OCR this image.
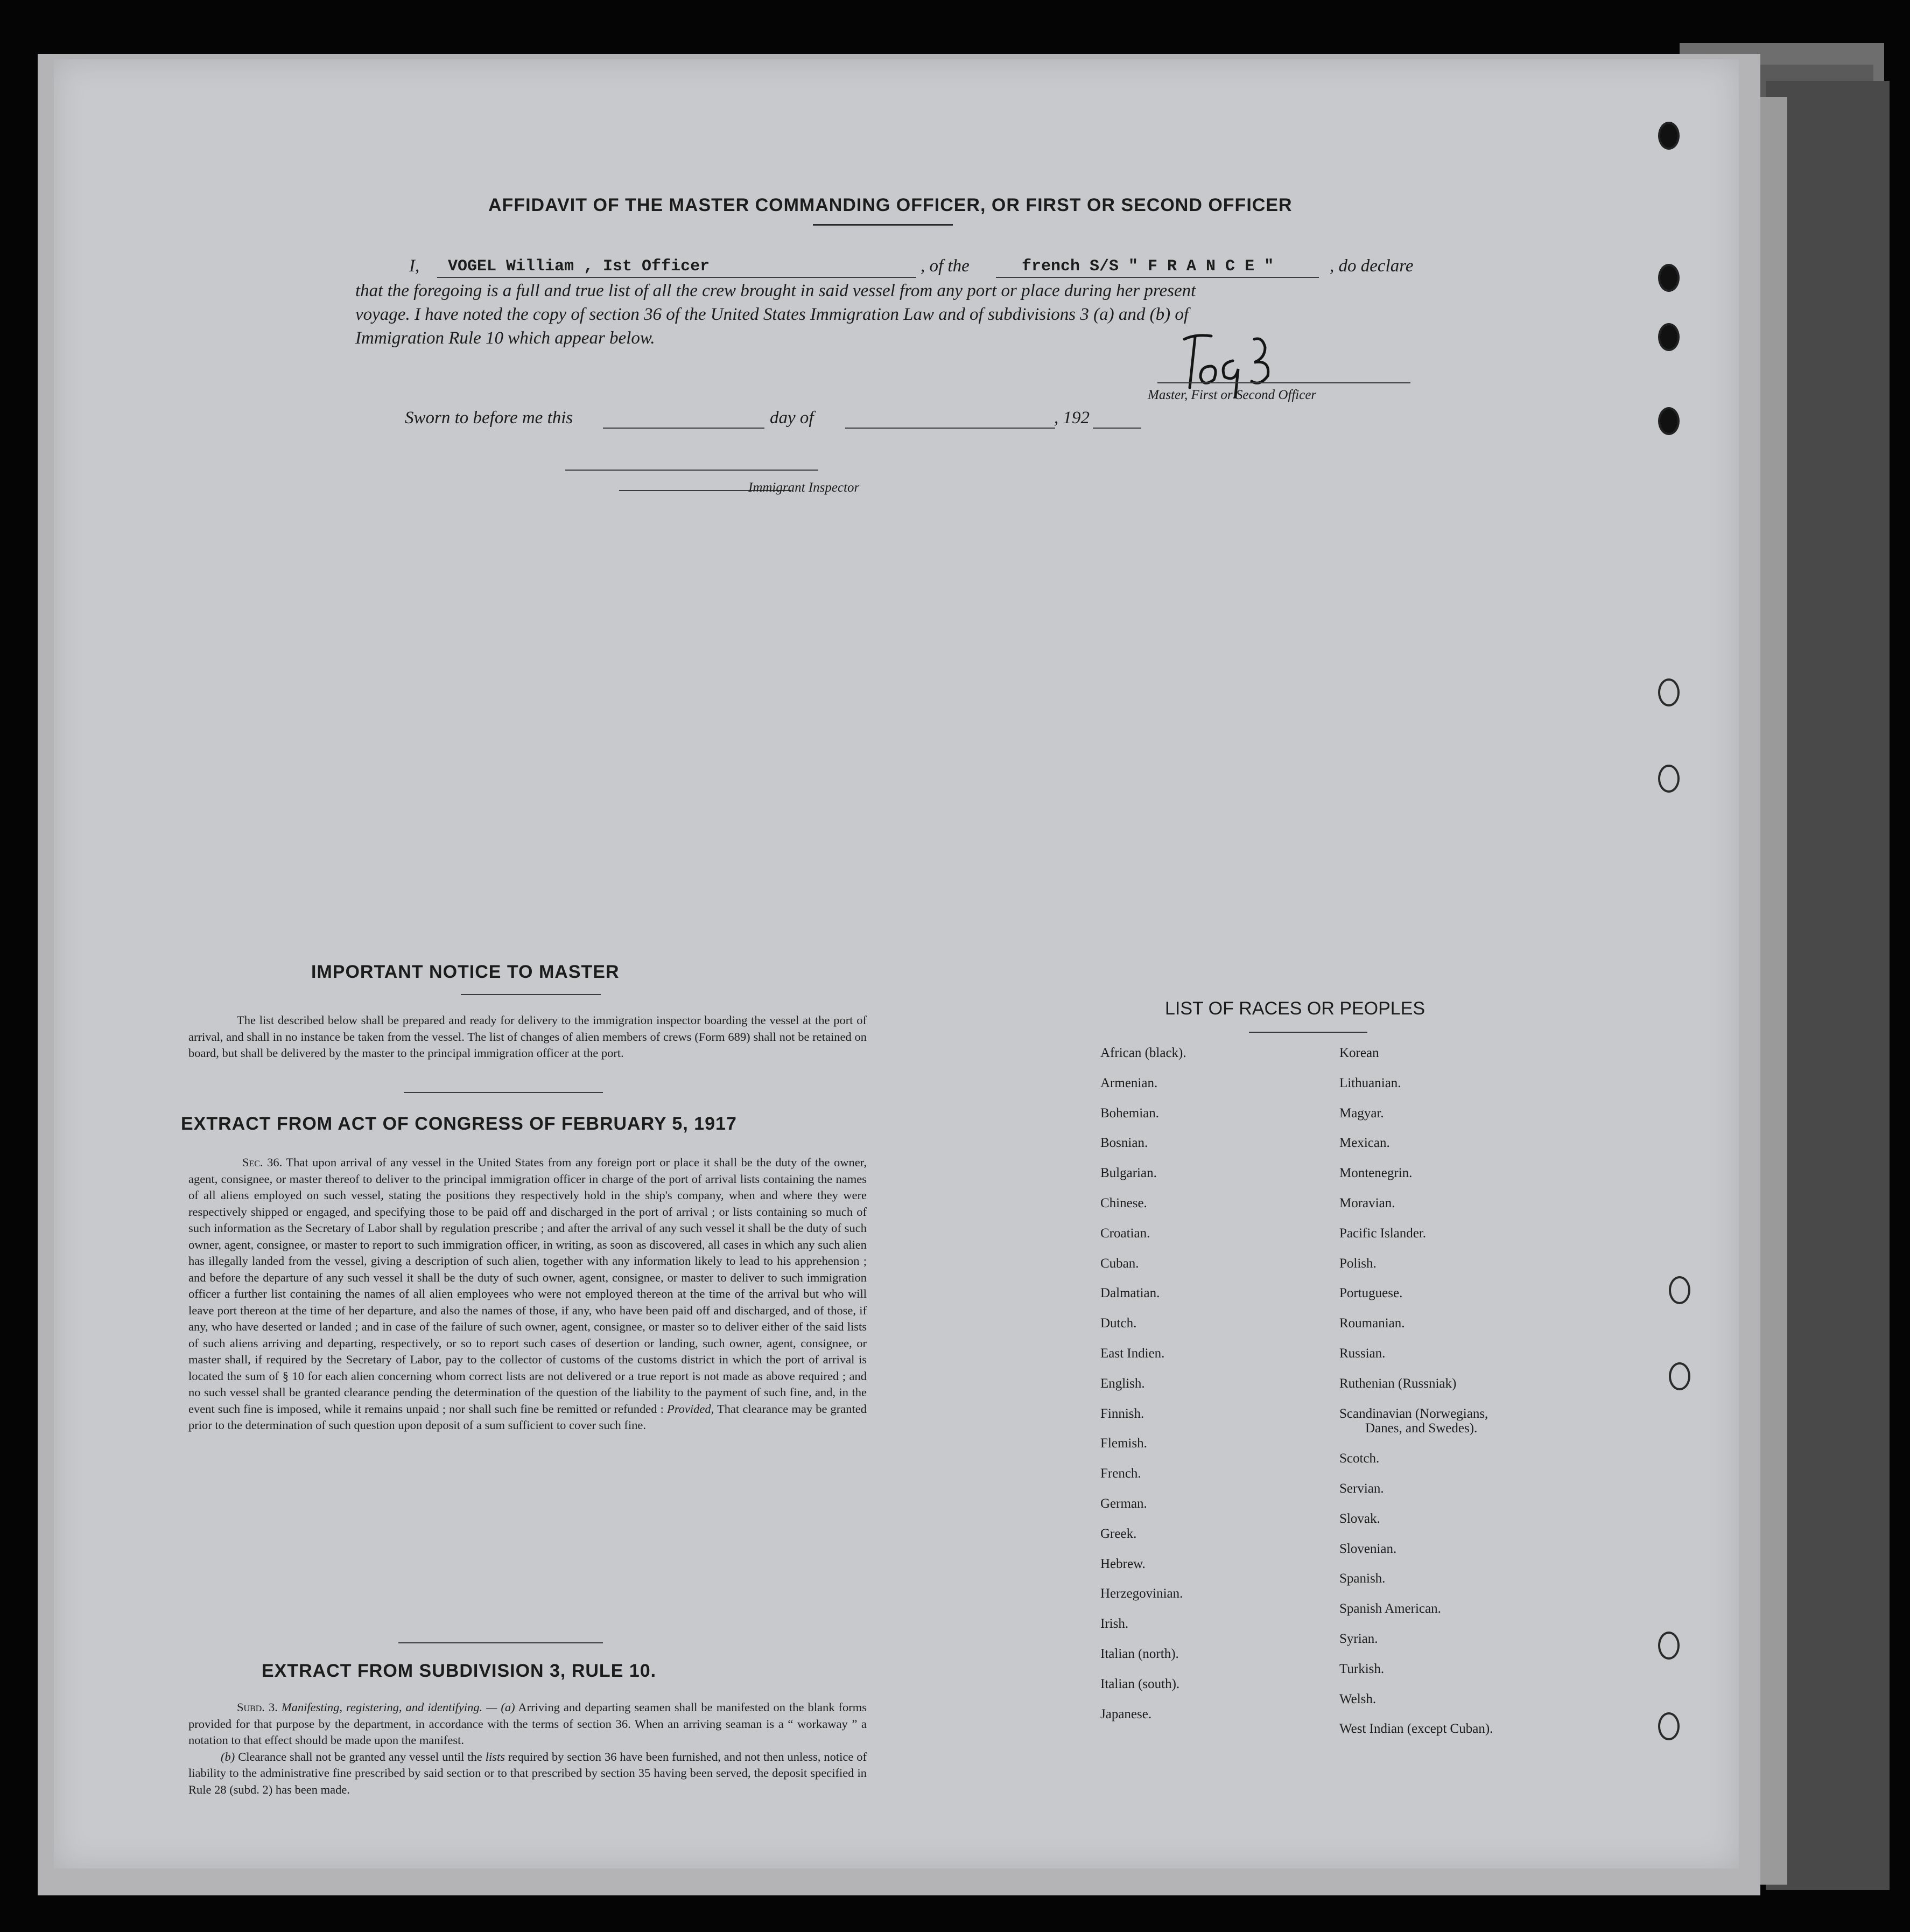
AFFIDAVIT OF THE MASTER COMMANDING OFFICER, OR FIRST OR SECOND OFFICER
I, VOGEL William , Ist Officer	, of the	french S/S " F R A N C E "	, do declare
that the foregoing is a full and true list of all the crew brought in said vessel from any port or place during her present
voyage. I have noted the copy of section 36 of the United States Immigration Law and of subdivisions 3 (a) and (b) of
Immigration Rule 10 which appear below.
Master, First or Second Officer
Sworn to before me this	day of	, 192
Immigrant Inspector
IMPORTANT NOTICE TO MASTER
The list described below shall be prepared and ready for delivery to the immigration inspector boarding the vessel at the port of arrival, and shall in no instance be taken from the vessel. The list of changes of alien members of crews (Form 689) shall not be retained on board, but shall be delivered by the master to the principal immigration officer at the port.
EXTRACT FROM ACT OF CONGRESS OF FEBRUARY 5, 1917

Sec. 36. That upon arrival of any vessel in the United States from any foreign port or place it shall be the duty of the owner, agent, consignee, or master thereof to deliver to the principal immigration officer in charge of the port of arrival lists containing the names of all aliens employed on such vessel, stating the positions they respectively hold in the ship's company, when and where they were respectively shipped or engaged, and specifying those to be paid off and discharged in the port of arrival ; or lists containing so much of such information as the Secretary of Labor shall by regulation prescribe ; and after the arrival of any such vessel it shall be the duty of such owner, agent, consignee, or master to report to such immigration officer, in writing, as soon as discovered, all cases in which any such alien has illegally landed from the vessel, giving a description of such alien, together with any information likely to lead to his apprehension ; and before the departure of any such vessel it shall be the duty of such owner, agent, consignee, or master to deliver to such immigration officer a further list containing the names of all alien employees who were not employed thereon at the time of the arrival but who will leave port thereon at the time of her departure, and also the names of those, if any, who have been paid off and discharged, and of those, if any, who have deserted or landed ; and in case of the failure of such owner, agent, consignee, or master so to deliver either of the said lists of such aliens arriving and departing, respectively, or so to report such cases of desertion or landing, such owner, agent, consignee, or master shall, if required by the Secretary of Labor, pay to the collector of customs of the customs district in which the port of arrival is located the sum of § 10 for each alien concerning whom correct lists are not delivered or a true report is not made as above required ; and no such vessel shall be granted clearance pending the determination of the question of the liability to the payment of such fine, and, in the event such fine is imposed, while it remains unpaid ; nor shall such fine be remitted or refunded : Provided, That clearance may be granted prior to the determination of such question upon deposit of a sum sufficient to cover such fine.

EXTRACT FROM SUBDIVISION 3, RULE 10.

Subd. 3. Manifesting, registering, and identifying. — (a) Arriving and departing seamen shall be manifested on the blank forms provided for that purpose by the department, in accordance with the terms of section 36. When an arriving seaman is a “ workaway ” a notation to that effect should be made upon the manifest.

(b) Clearance shall not be granted any vessel until the lists required by section 36 have been furnished, and not then unless, notice of liability to the administrative fine prescribed by said section or to that prescribed by section 35 having been served, the deposit specified in Rule 28 (subd. 2) has been made.

LIST OF RACES OR PEOPLES
African (black).
Armenian.
Bohemian.
Bosnian.
Bulgarian.
Chinese.
Croatian.
Cuban.
Dalmatian.
Dutch.
East Indien.
English.
Finnish.
Flemish.
French.
German.
Greek.
Hebrew.
Herzegovinian.
Irish.
Italian (north).
Italian (south).
Japanese.
Korean
Lithuanian.
Magyar.
Mexican.
Montenegrin.
Moravian.
Pacific Islander.
Polish.
Portuguese.
Roumanian.
Russian.
Ruthenian (Russniak)
Scandinavian (Norwegians,
Danes, and Swedes).
Scotch.
Servian.
Slovak.
Slovenian.
Spanish.
Spanish American.
Syrian.
Turkish.
Welsh.
West Indian (except Cuban).
